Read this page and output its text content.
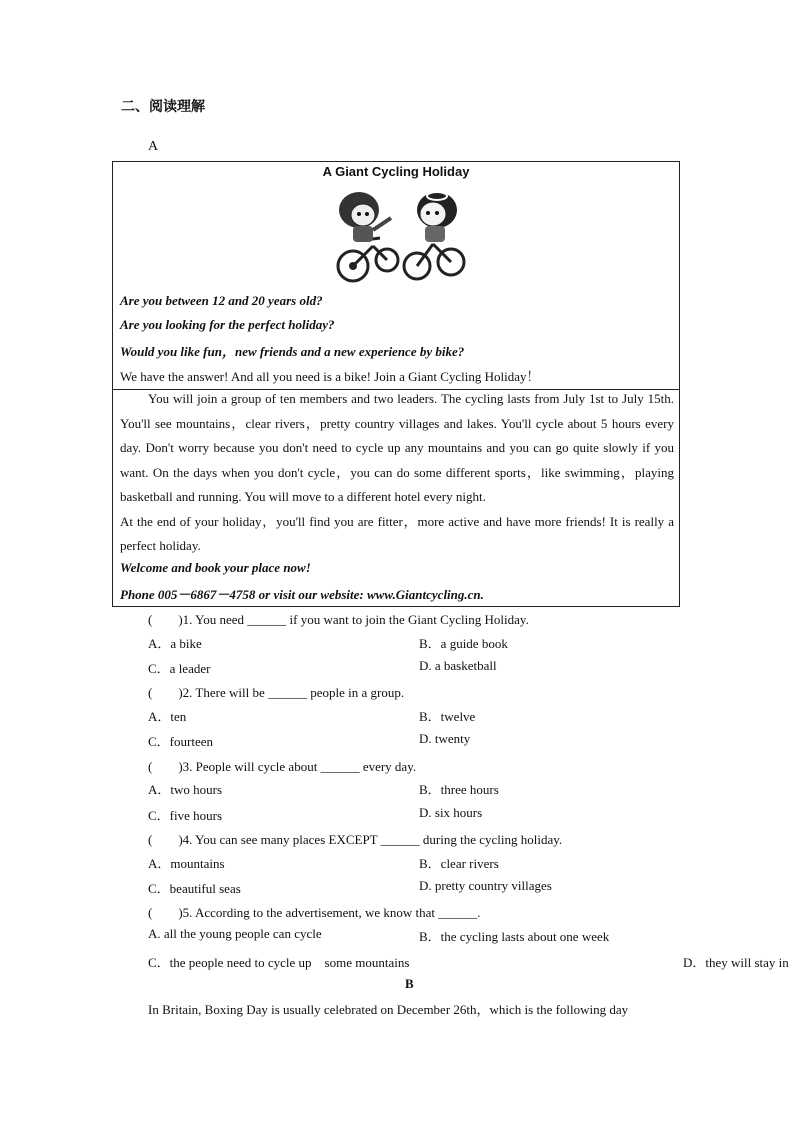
二、阅读理解
A
A Giant Cycling Holiday
Are you between 12 and 20 years old?
Are you looking for the perfect holiday?
Would you like fun，new friends and a new experience by bike?
We have the answer! And all you need is a bike! Join a Giant Cycling Holiday！

You will join a group of ten members and two leaders. The cycling lasts from July 1st to July 15th. You'll see mountains，clear rivers，pretty country villages and lakes. You'll cycle about 5 hours every day. Don't worry because you don't need to cycle up any mountains and you can go quite slowly if you want. On the days when you don't cycle，you can do some different sports，like swimming，playing basketball and running. You will move to a different hotel every night.

At the end of your holiday，you'll find you are fitter，more active and have more friends! It is really a perfect holiday.

Welcome and book your place now!
Phone 005－6867－4758 or visit our website: www.Giantcycling.cn.
(　　)1. You need ______ if you want to join the Giant Cycling Holiday.
A．a bike	B．a guide book
C．a leader	D. a basketball
(　　)2. There will be ______ people in a group.
A．ten	B．twelve
C．fourteen	D. twenty
(　　)3. People will cycle about ______ every day.
A．two hours	B．three hours
C．five hours	D. six hours
(　　)4. You can see many places EXCEPT ______ during the cycling holiday.
A．mountains	B．clear rivers
C．beautiful seas	D. pretty country villages
(　　)5. According to the advertisement, we know that ______.
A. all the young people can cycle	B．the cycling lasts about one week
C．the people need to cycle up　some mountains	D．they will stay in
B
In Britain, Boxing Day is usually celebrated on December 26th，which is the following day
